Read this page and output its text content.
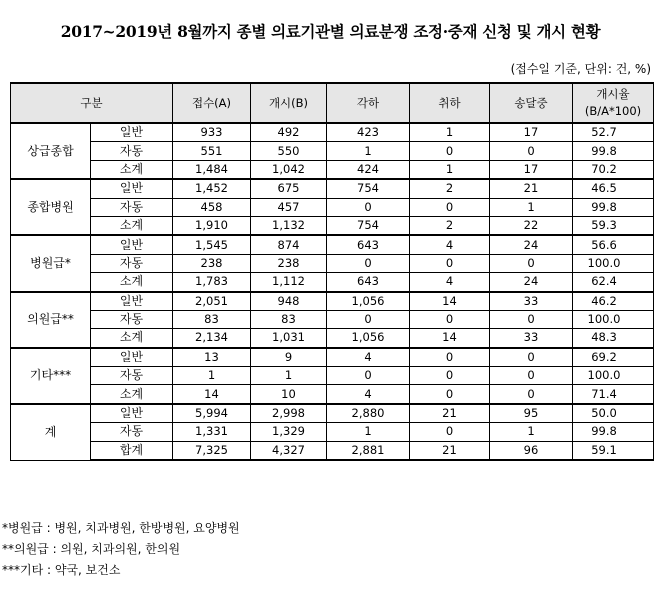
2017~2019년 8월까지 종별 의료기관별 의료분쟁 조정·중재 신청 및 개시 현황
(접수일 기준, 단위: 건, %)
구분		접수(A)	개시(B)	각하	취하	송달중	개시율
(B/A*100)
상급종합	일반	933	492	423	1	17	52.7
	자동	551	550	1	0	0	99.8
	소계	1,484	1,042	424	1	17	70.2
종합병원	일반	1,452	675	754	2	21	46.5
	자동	458	457	0	0	1	99.8
	소계	1,910	1,132	754	2	22	59.3
병원급*	일반	1,545	874	643	4	24	56.6
	자동	238	238	0	0	0	100.0
	소계	1,783	1,112	643	4	24	62.4
의원급**	일반	2,051	948	1,056	14	33	46.2
	자동	83	83	0	0	0	100.0
	소계	2,134	1,031	1,056	14	33	48.3
기타***	일반	13	9	4	0	0	69.2
	자동	1	1	0	0	0	100.0
	소계	14	10	4	0	0	71.4
계	일반	5,994	2,998	2,880	21	95	50.0
	자동	1,331	1,329	1	0	1	99.8
	합계	7,325	4,327	2,881	21	96	59.1
*병원급 : 병원, 치과병원, 한방병원, 요양병원
**의원급 : 의원, 치과의원, 한의원
***기타 : 약국, 보건소
